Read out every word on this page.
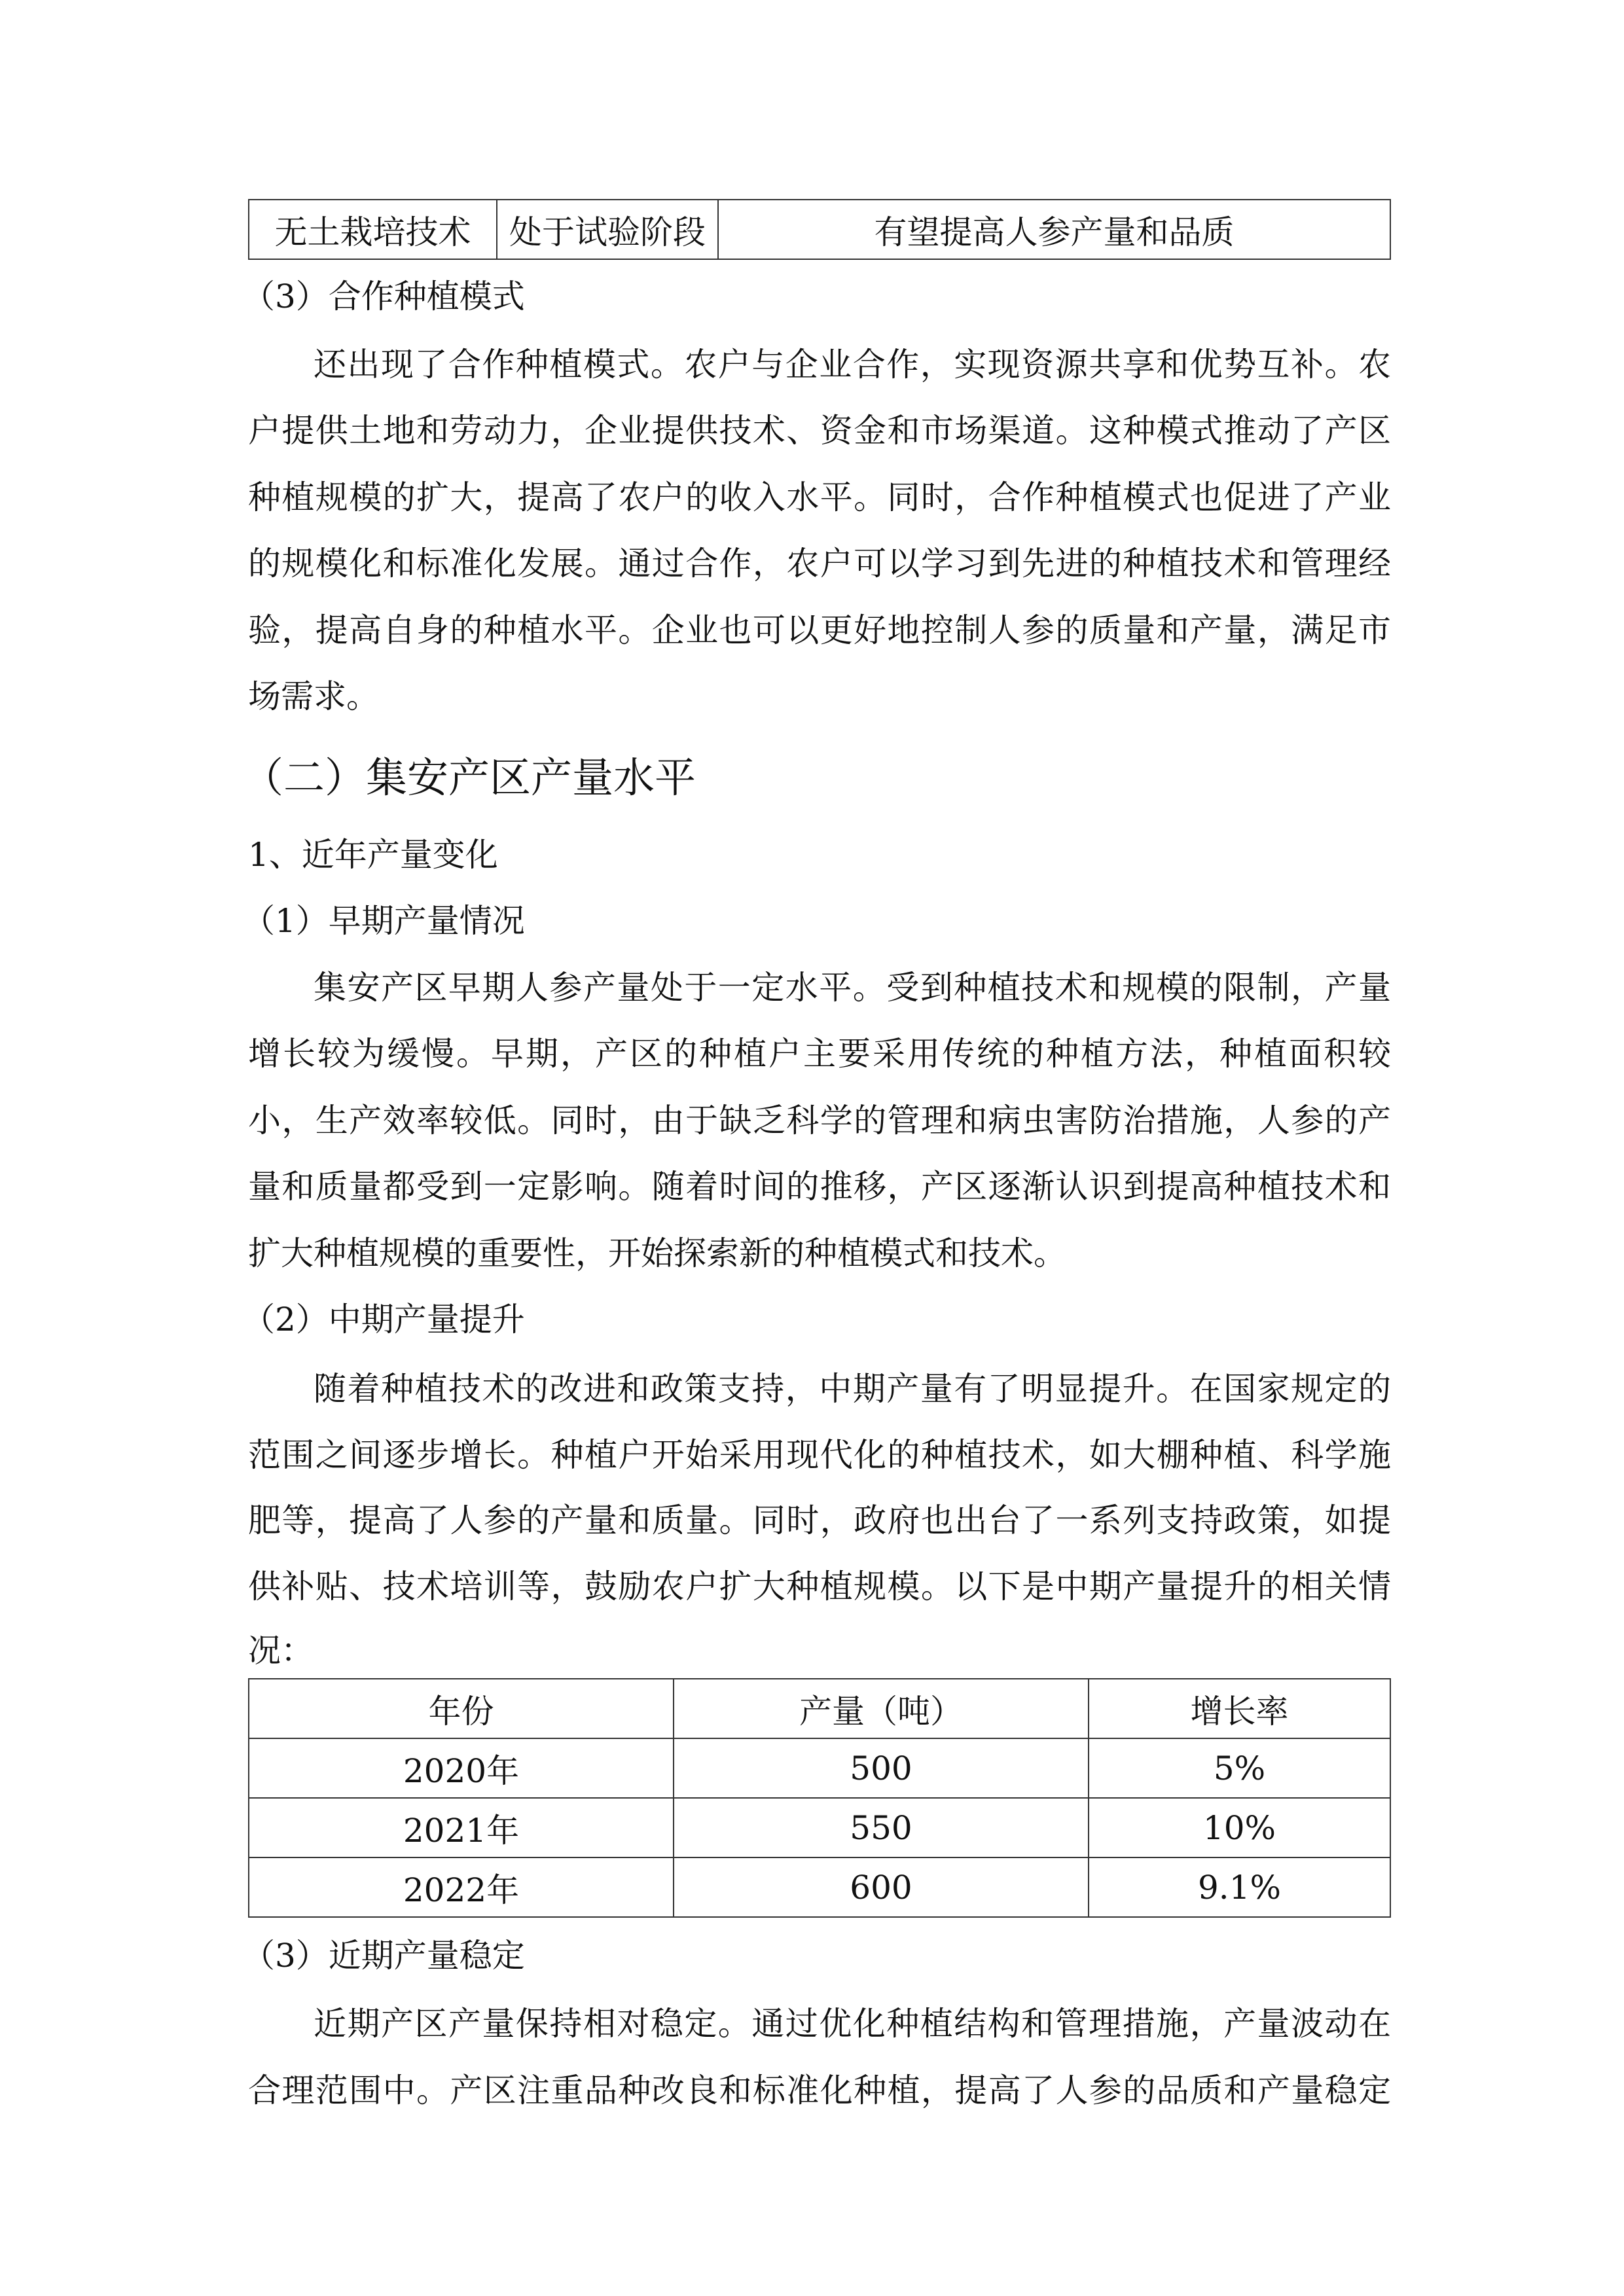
无土栽培技术	处于试验阶段	有望提高人参产量和品质
（3）合作种植模式
还出现了合作种植模式。农户与企业合作，实现资源共享和优势互补。农
户提供土地和劳动力，企业提供技术、资金和市场渠道。这种模式推动了产区
种植规模的扩大，提高了农户的收入水平。同时，合作种植模式也促进了产业
的规模化和标准化发展。通过合作，农户可以学习到先进的种植技术和管理经
验，提高自身的种植水平。企业也可以更好地控制人参的质量和产量，满足市
场需求。
（二）集安产区产量水平
1、近年产量变化
（1）早期产量情况
集安产区早期人参产量处于一定水平。受到种植技术和规模的限制，产量
增长较为缓慢。早期，产区的种植户主要采用传统的种植方法，种植面积较
小，生产效率较低。同时，由于缺乏科学的管理和病虫害防治措施，人参的产
量和质量都受到一定影响。随着时间的推移，产区逐渐认识到提高种植技术和
扩大种植规模的重要性，开始探索新的种植模式和技术。
（2）中期产量提升
随着种植技术的改进和政策支持，中期产量有了明显提升。在国家规定的
范围之间逐步增长。种植户开始采用现代化的种植技术，如大棚种植、科学施
肥等，提高了人参的产量和质量。同时，政府也出台了一系列支持政策，如提
供补贴、技术培训等，鼓励农户扩大种植规模。以下是中期产量提升的相关情
况：
年份	产量（吨）	增长率
2020年	500	5%
2021年	550	10%
2022年	600	9.1%
（3）近期产量稳定
近期产区产量保持相对稳定。通过优化种植结构和管理措施，产量波动在
合理范围中。产区注重品种改良和标准化种植，提高了人参的品质和产量稳定
